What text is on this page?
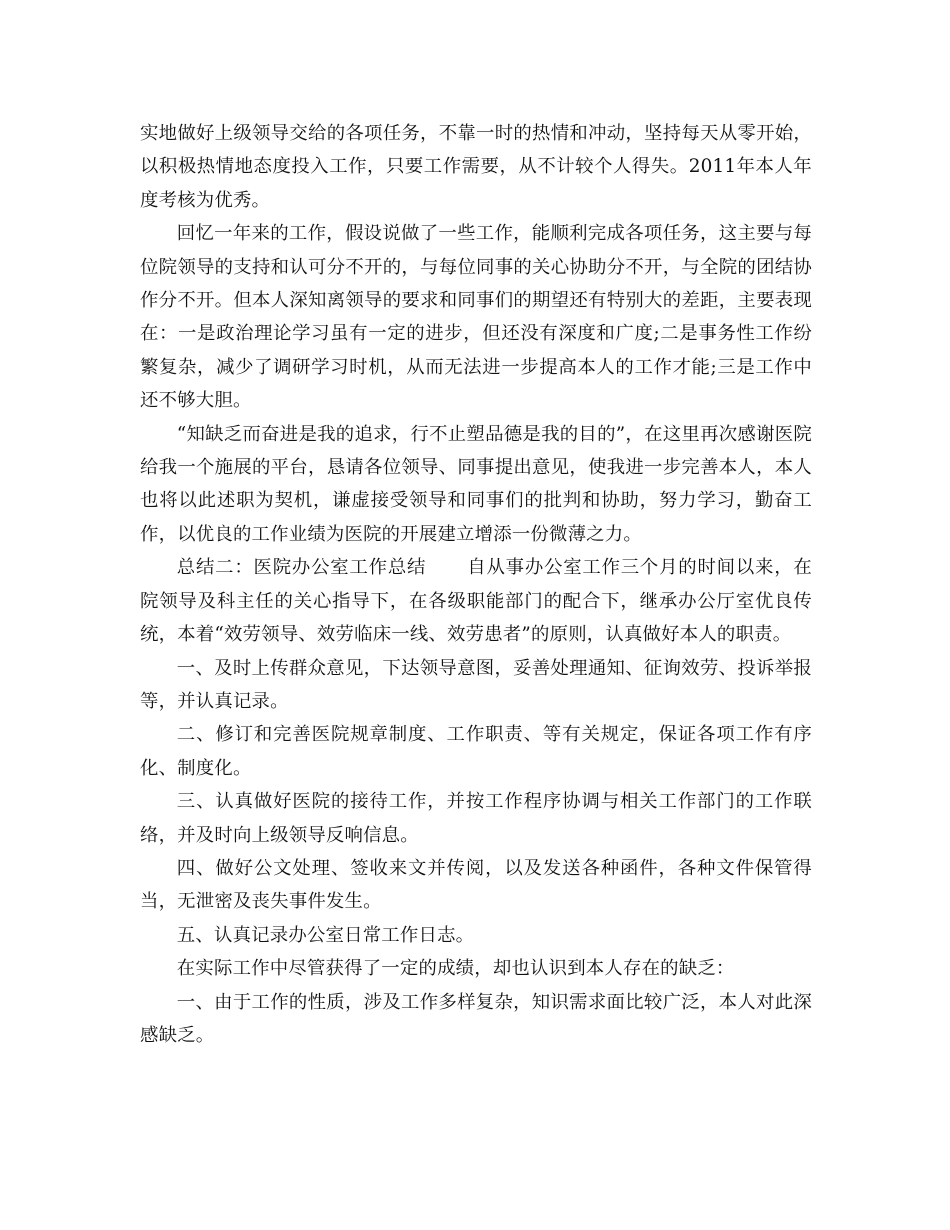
实地做好上级领导交给的各项任务，不靠一时的热情和冲动，坚持每天从零开始，以积极热情地态度投入工作，只要工作需要，从不计较个人得失。2011年本人年度考核为优秀。

回忆一年来的工作，假设说做了一些工作，能顺利完成各项任务，这主要与每位院领导的支持和认可分不开的，与每位同事的关心协助分不开，与全院的团结协作分不开。但本人深知离领导的要求和同事们的期望还有特别大的差距，主要表现在：一是政治理论学习虽有一定的进步，但还没有深度和广度;二是事务性工作纷繁复杂，减少了调研学习时机，从而无法进一步提高本人的工作才能;三是工作中还不够大胆。

“知缺乏而奋进是我的追求，行不止塑品德是我的目的”，在这里再次感谢医院给我一个施展的平台，恳请各位领导、同事提出意见，使我进一步完善本人，本人也将以此述职为契机，谦虚接受领导和同事们的批判和协助，努力学习，勤奋工作，以优良的工作业绩为医院的开展建立增添一份微薄之力。

总结二：医院办公室工作总结 自从事办公室工作三个月的时间以来，在院领导及科主任的关心指导下，在各级职能部门的配合下，继承办公厅室优良传统，本着“效劳领导、效劳临床一线、效劳患者”的原则，认真做好本人的职责。

一、及时上传群众意见，下达领导意图，妥善处理通知、征询效劳、投诉举报等，并认真记录。

二、修订和完善医院规章制度、工作职责、等有关规定，保证各项工作有序化、制度化。

三、认真做好医院的接待工作，并按工作程序协调与相关工作部门的工作联络，并及时向上级领导反响信息。

四、做好公文处理、签收来文并传阅，以及发送各种函件，各种文件保管得当，无泄密及丧失事件发生。

五、认真记录办公室日常工作日志。

在实际工作中尽管获得了一定的成绩，却也认识到本人存在的缺乏：

一、由于工作的性质，涉及工作多样复杂，知识需求面比较广泛，本人对此深感缺乏。
